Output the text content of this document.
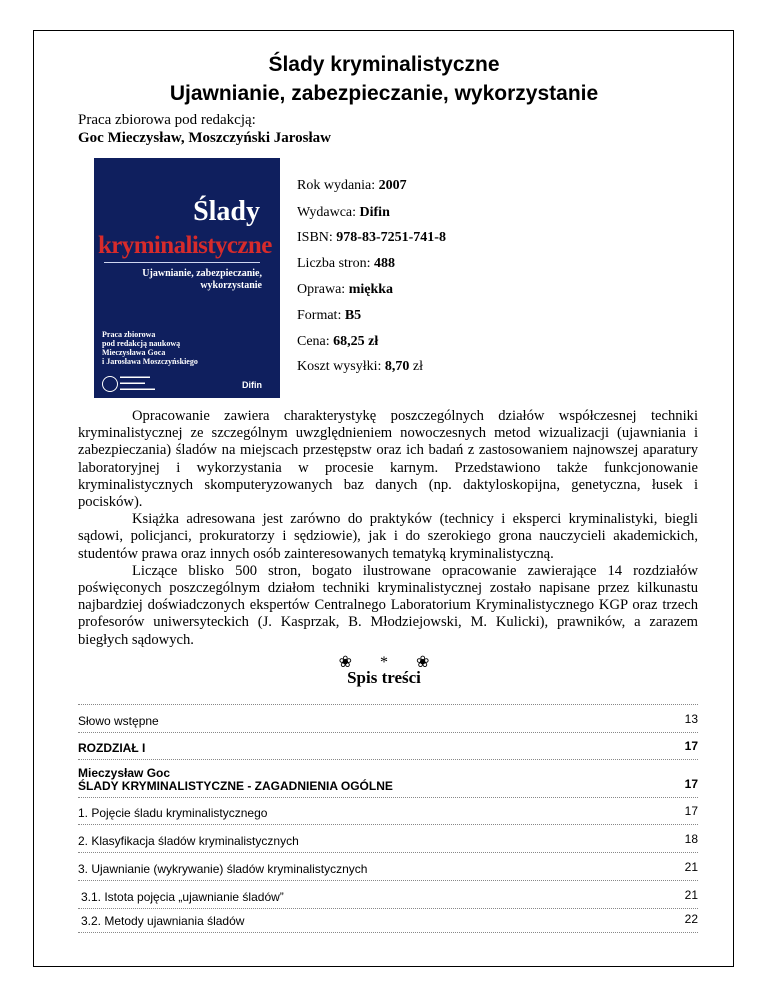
Ślady kryminalistyczne
Ujawnianie, zabezpieczanie, wykorzystanie
Praca zbiorowa pod redakcją:
Goc Mieczysław, Moszczyński Jarosław
Ślady
kryminalistyczne
Ujawnianie, zabezpieczanie,
wykorzystanie
Praca zbiorowa
pod redakcją naukową
Mieczysława Goca
i Jarosława Moszczyńskiego
▬▬▬▬▬▬
▬▬▬▬▬
▬▬▬▬▬▬▬	Difin
Rok wydania: 2007
Wydawca: Difin
ISBN: 978-83-7251-741-8
Liczba stron: 488
Oprawa: miękka
Format: B5
Cena: 68,25 zł
Koszt wysyłki: 8,70 zł

Opracowanie zawiera charakterystykę poszczególnych działów współczesnej techniki kryminalistycznej ze szczególnym uwzględnieniem nowoczesnych metod wizualizacji (ujawniania i zabezpieczania) śladów na miejscach przestępstw oraz ich badań z zastosowaniem najnowszej aparatury laboratoryjnej i wykorzystania w procesie karnym. Przedstawiono także funkcjonowanie kryminalistycznych skomputeryzowanych baz danych (np. daktyloskopijna, genetyczna, łusek i pocisków).

Książka adresowana jest zarówno do praktyków (technicy i eksperci kryminalistyki, biegli sądowi, policjanci, prokuratorzy i sędziowie), jak i do szerokiego grona nauczycieli akademickich, studentów prawa oraz innych osób zainteresowanych tematyką kryminalistyczną.

Liczące blisko 500 stron, bogato ilustrowane opracowanie zawierające 14 rozdziałów poświęconych poszczególnym działom techniki kryminalistycznej zostało napisane przez kilkunastu najbardziej doświadczonych ekspertów Centralnego Laboratorium Kryminalistycznego KGP oraz trzech profesorów uniwersyteckich (J. Kasprzak, B. Młodziejowski, M. Kulicki), prawników, a zarazem biegłych sądowych.

❀ * ❀
Spis treści
Słowo wstępne	13
ROZDZIAŁ I	17
Mieczysław Goc
ŚLADY KRYMINALISTYCZNE - ZAGADNIENIA OGÓLNE	17
1. Pojęcie śladu kryminalistycznego	17
2. Klasyfikacja śladów kryminalistycznych	18
3. Ujawnianie (wykrywanie) śladów kryminalistycznych	21
3.1. Istota pojęcia „ujawnianie śladów”	21
3.2. Metody ujawniania śladów	22
